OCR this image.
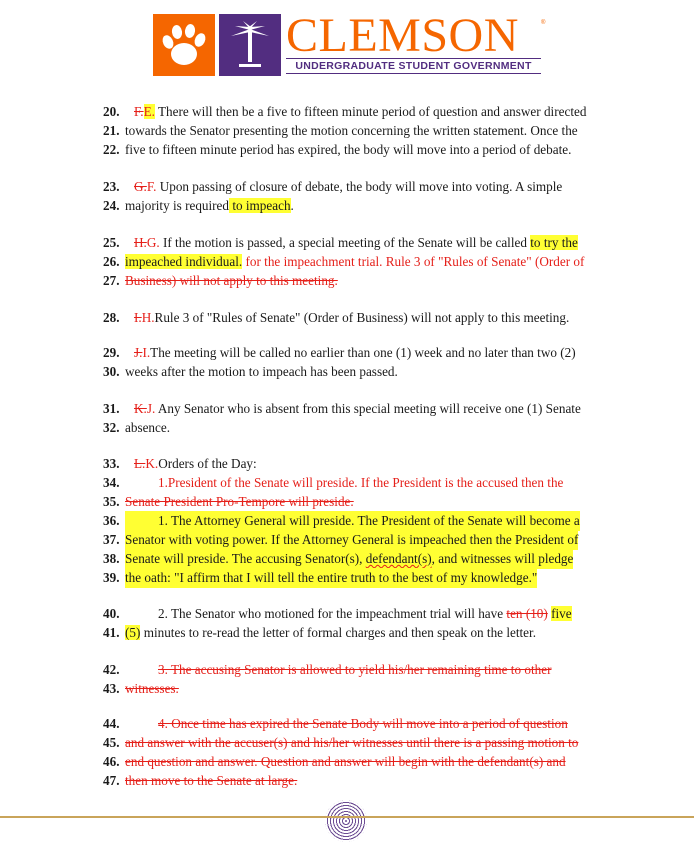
CLEMSON	®
UNDERGRADUATE STUDENT GOVERNMENT
20.	F.E. There will then be a five to fifteen minute period of question and answer directed
21. towards the Senator presenting the motion concerning the written statement. Once the
22. five to fifteen minute period has expired, the body will move into a period of debate.
23.	G.F. Upon passing of closure of debate, the body will move into voting. A simple
24. majority is required to impeach.
25.	H.G. If the motion is passed, a special meeting of the Senate will be called to try the
26. impeached individual. for the impeachment trial. Rule 3 of "Rules of Senate" (Order of
27. Business) will not apply to this meeting.
28.	I.H.Rule 3 of "Rules of Senate" (Order of Business) will not apply to this meeting.
29.	J.I.The meeting will be called no earlier than one (1) week and no later than two (2)
30. weeks after the motion to impeach has been passed.
31.	K.J. Any Senator who is absent from this special meeting will receive one (1) Senate
32. absence.
33.	L.K.Orders of the Day:
34.	1.President of the Senate will preside. If the President is the accused then the
35. Senate President Pro-Tempore will preside.
36.	1. The Attorney General will preside. The President of the Senate will become a
37. Senator with voting power. If the Attorney General is impeached then the President of
38. Senate will preside. The accusing Senator(s), defendant(s), and witnesses will pledge
39. the oath: "I affirm that I will tell the entire truth to the best of my knowledge."
40.	2. The Senator who motioned for the impeachment trial will have ten (10) five
41. (5) minutes to re-read the letter of formal charges and then speak on the letter.
42.	3. The accusing Senator is allowed to yield his/her remaining time to other
43. witnesses.
44.	4. Once time has expired the Senate Body will move into a period of question
45. and answer with the accuser(s) and his/her witnesses until there is a passing motion to
46. end question and answer. Question and answer will begin with the defendant(s) and
47. then move to the Senate at large.
